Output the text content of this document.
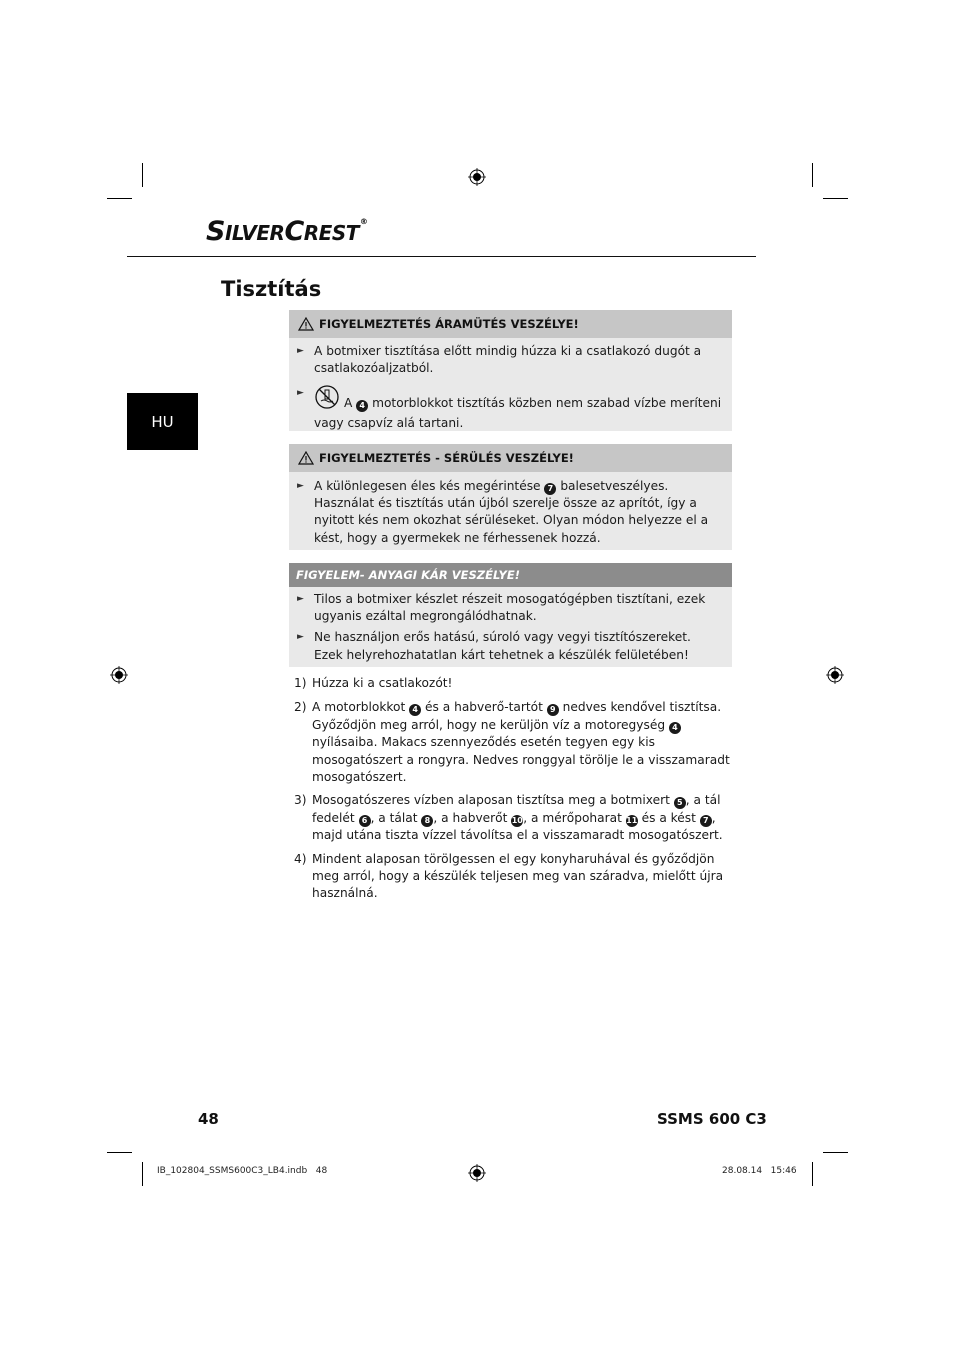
SILVERCREST®
Tisztítás
HU
FIGYELMEZTETÉS ÁRAMÜTÉS VESZÉLYE!
► A botmixer tisztítása előtt mindig húzza ki a csatlakozó dugót a csatlakozóaljzatból.
►
A 4 motorblokkot tisztítás közben nem szabad vízbe meríteni vagy csapvíz alá tartani.
FIGYELMEZTETÉS - SÉRÜLÉS VESZÉLYE!
► A különlegesen éles kés megérintése 7 balesetveszélyes. Használat és tisztítás után újból szerelje össze az aprítót, így a nyitott kés nem okozhat sérüléseket. Olyan módon helyezze el a kést, hogy a gyermekek ne férhessenek hozzá.
FIGYELEM- ANYAGI KÁR VESZÉLYE!
► Tilos a botmixer készlet részeit mosogatógépben tisztítani, ezek ugyanis ezáltal megrongálódhatnak.
► Ne használjon erős hatású, súroló vagy vegyi tisztítószereket. Ezek helyrehozhatatlan kárt tehetnek a készülék felületében!
1) Húzza ki a csatlakozót!
2) A motorblokkot 4 és a habverő-tartót 9 nedves kendővel tisztítsa. Győződjön meg arról, hogy ne kerüljön víz a motoregység 4 nyílásaiba. Makacs szennyeződés esetén tegyen egy kis mosogatószert a rongyra. Nedves ronggyal törölje le a visszamaradt mosogatószert.
3) Mosogatószeres vízben alaposan tisztítsa meg a botmixert 5 , a tál fedelét 6 , a tálat 8 , a habverőt 10, a mérőpoharat 11 és a kést 7 , majd utána tiszta vízzel távolítsa el a visszamaradt mosogatószert.
4) Mindent alaposan törölgessen el egy konyharuhával és győződjön meg arról, hogy a készülék teljesen meg van száradva, mielőtt újra használná.
48	SSMS 600 C3
IB_102804_SSMS600C3_LB4.indb   48	28.08.14   15:46
